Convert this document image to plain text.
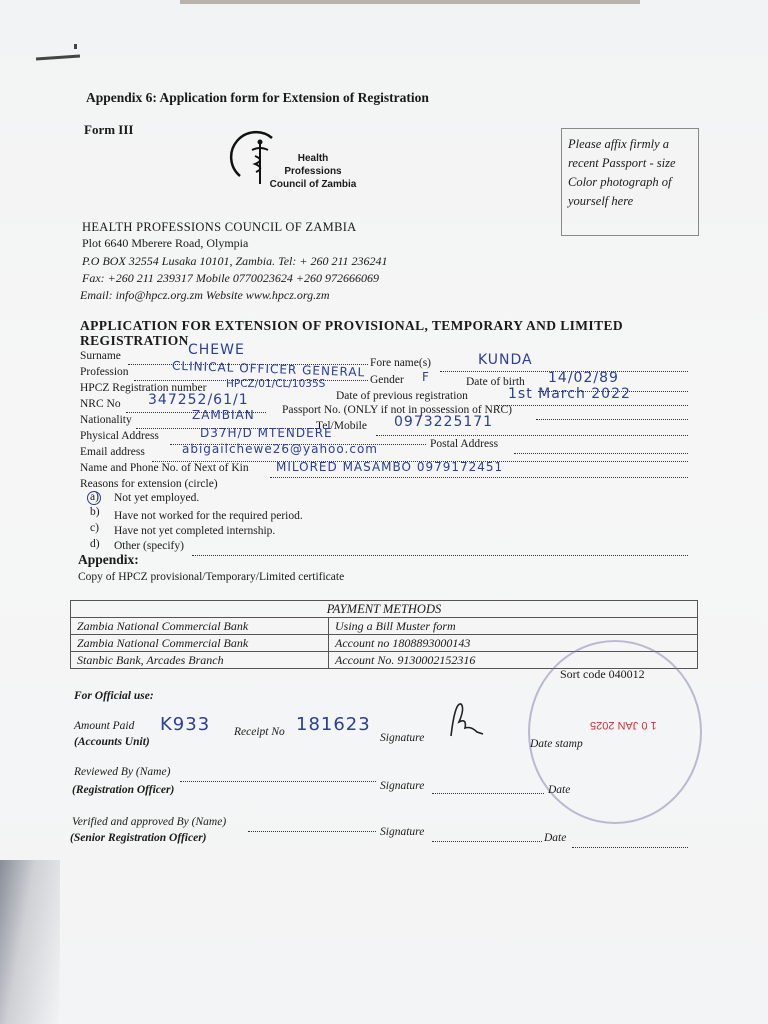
Appendix 6: Application form for Extension of Registration
Form III
Health
Professions
Council of Zambia
Please affix firmly a recent Passport - size Color photograph of yourself here
HEALTH PROFESSIONS COUNCIL OF ZAMBIA
Plot 6640 Mberere Road, Olympia
P.O BOX 32554 Lusaka 10101, Zambia. Tel: + 260 211 236241
Fax: +260 211 239317 Mobile 0770023624 +260 972666069
Email: info@hpcz.org.zm Website www.hpcz.org.zm
APPLICATION FOR EXTENSION OF PROVISIONAL, TEMPORARY AND LIMITED
REGISTRATION
Surname	CHEWE
Fore name(s)	KUNDA
Profession	CLINICAL OFFICER GENERAL
Gender F	Date of birth 14/02/89
HPCZ Registration number HPCZ/01/CL/1035S
Date of previous registration	1st March 2022
NRC No 347252/61/1
Passport No. (ONLY if not in possession of NRC)
Nationality	ZAMBIAN
Tel/Mobile 0973225171
Physical Address	D37H/D MTENDERE
Postal Address
Email address	abigailchewe26@yahoo.com
Name and Phone No. of Next of Kin MILORED MASAMBO 0979172451
Reasons for extension (circle)
a) Not yet employed.
b) Have not worked for the required period.
c) Have not yet completed internship.
d) Other (specify)
Appendix:
Copy of HPCZ provisional/Temporary/Limited certificate
PAYMENT METHODS	
Zambia National Commercial Bank	Using a Bill Muster form
Zambia National Commercial Bank	Account no 1808893000143
Stanbic Bank, Arcades Branch	Account No. 9130002152316
Sort code 040012
1 0 JAN 2025
For Official use:
Amount Paid K933 Receipt No 181623
Signature	Date stamp
(Accounts Unit)
Reviewed By (Name)
Signature	Date
(Registration Officer)
Verified and approved By (Name)
Signature	Date
(Senior Registration Officer)
